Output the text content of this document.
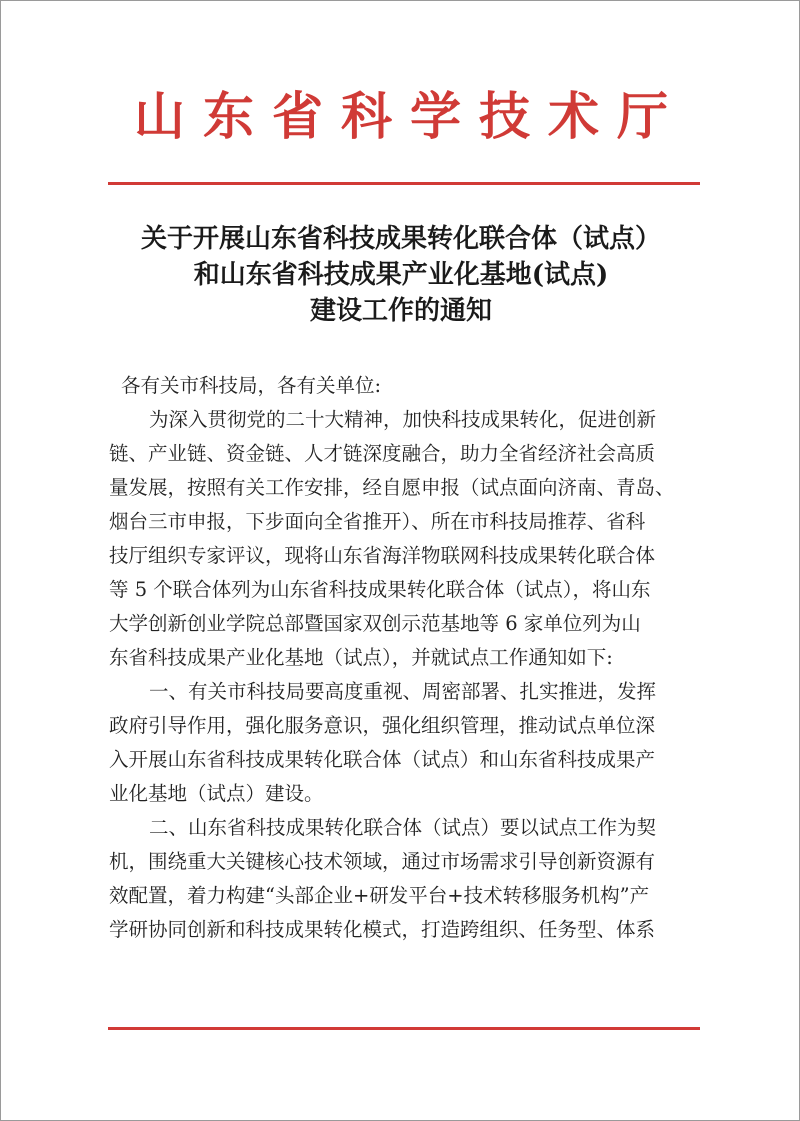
山东省科学技术厅
关于开展山东省科技成果转化联合体（试点）
和山东省科技成果产业化基地(试点)
建设工作的通知
各有关市科技局，各有关单位:
为深入贯彻党的二十大精神，加快科技成果转化，促进创新
链、产业链、资金链、人才链深度融合，助力全省经济社会高质
量发展，按照有关工作安排，经自愿申报（试点面向济南、青岛、
烟台三市申报，下步面向全省推开）、所在市科技局推荐、省科
技厅组织专家评议，现将山东省海洋物联网科技成果转化联合体
等 5 个联合体列为山东省科技成果转化联合体（试点），将山东
大学创新创业学院总部暨国家双创示范基地等 6 家单位列为山
东省科技成果产业化基地（试点），并就试点工作通知如下:
一、有关市科技局要高度重视、周密部署、扎实推进，发挥
政府引导作用，强化服务意识，强化组织管理，推动试点单位深
入开展山东省科技成果转化联合体（试点）和山东省科技成果产
业化基地（试点）建设。
二、山东省科技成果转化联合体（试点）要以试点工作为契
机，围绕重大关键核心技术领域，通过市场需求引导创新资源有
效配置，着力构建“头部企业+研发平台+技术转移服务机构”产
学研协同创新和科技成果转化模式，打造跨组织、任务型、体系
